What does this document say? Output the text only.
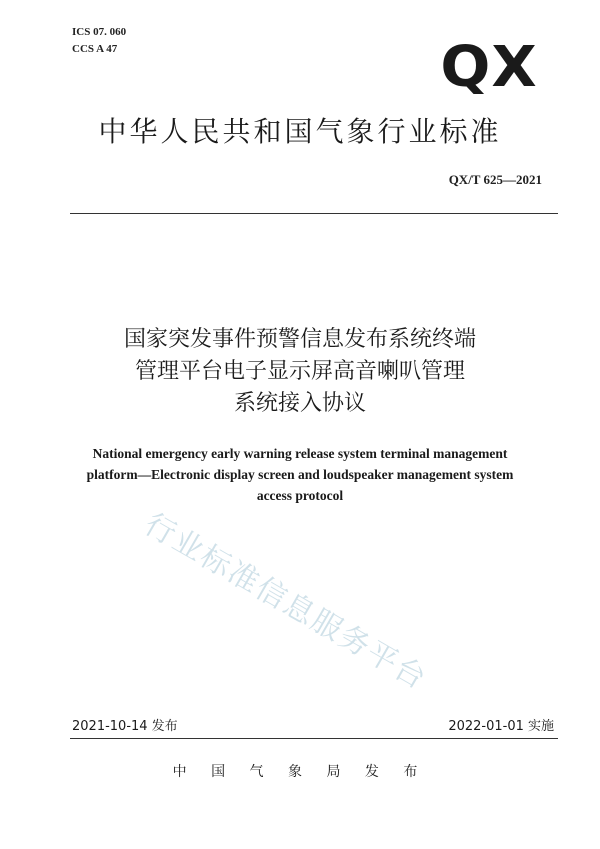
ICS 07. 060
CCS A 47	QX
中华人民共和国气象行业标准
QX/T 625—2021
国家突发事件预警信息发布系统终端
管理平台电子显示屏高音喇叭管理
系统接入协议
National emergency early warning release system terminal management
platform—Electronic display screen and loudspeaker management system
access protocol
行业标准信息服务平台
2021-10-14 发布	2022-01-01 实施
中 国 气 象 局 发 布
